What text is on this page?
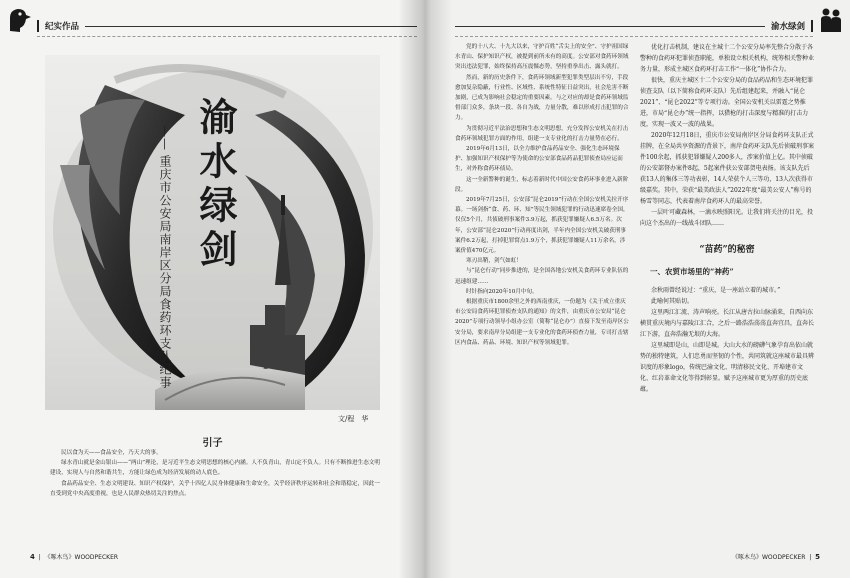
纪实作品
渝水绿剑
——
重庆市公安局南岸区分局食药环支队纪事
文/程　华
引子

民以食为天——食品安全，乃天大的事。

绿水青山就是金山银山——“两山”理论，是习近平生态文明思想的核心内涵。人不负青山，青山定不负人。只有不断推进生态文明建设，实现人与自然和谐共生，方能让绿色成为经济发展的动人底色。

食品药品安全、生态文明建设、知识产权保护，关乎十四亿人民身体健康和生命安全，关乎经济秩序运转和社会和谐稳定，因此一直受到党中央高度重视，也是人民群众热切关注的焦点。

4  |  《啄木鸟》WOODPECKER
渝水绿剑

党的十八大、十九大以来，守护百姓“舌尖上的安全”、守护祖国绿水青山、保护知识产权，被提到前所未有的高度。公安部对食药环领域突出违法犯罪，始终保持高压震慑态势，坚持重拳出击、露头就打。

然而，新的历史条件下，食药环领域新型犯罪类型层出不穷，手段愈加复杂隐蔽，行业性、区域性、系统性特征日益突出，社会危害不断加剧，已成为影响社会稳定的重要因素。与之对应的却是食药环领域监督部门众多，条块一段、各自为战，力量分散，难以形成打击犯罪的合力。

为贯彻习近平法治思想和生态文明思想，充分发挥公安机关在打击食药环领域犯罪方面的作用，组建一支专业化的打击力量势在必行。

2019年6月13日，以全力维护食品药品安全、强化生态环境保护、加强知识产权保护等为使命的公安部食品药品犯罪侦查局应运而生，对外称食药环侦局。

这一全新警种的诞生，标志着新时代中国公安食药环事业进入新阶段。

2019年7月25日，公安部“昆仑2019”行动在全国公安机关拉开序幕。一场剑指“食、药、环、知”等民生领域犯罪的行动迅速席卷全国，仅仅5个月，共侦破刑事案件3.9万起，抓获犯罪嫌疑人6.5万名。次年，公安部“昆仑2020”行动再度出剑，半年内全国公安机关破获刑事案件6.2万起，打掉犯罪窝点1.9万个，抓获犯罪嫌疑人11万余名，涉案价值470亿元。

寒刃出鞘，剑气如虹！

与“昆仑行动”同步推进的，是全国各地公安机关食药环专业队伍的迅速组建……

时针指向2020年10月中旬。

根据重庆市1800余里之外的西南重庆，一份题为《关于成立重庆市公安局食药环犯罪侦查支队的通知》的文件，由重庆市公安局“昆仑2020”专项行动领导小组办公室（简称“昆仑办”）直接下发至南岸区公安分局，要求南岸分局组建一支专业化的食药环侦查力量，专司打击辖区内食品、药品、环境、知识产权等领域犯罪。

优化打击机制，建议在主城十二个公安分局率先整合分散于各警种的食药环犯罪侦查职能，单独设立相关机构，统筹相关警种业务力量，形成主城区食药环打击工作“一体化”协作合力。

很快，重庆主城区十二个公安分局的食品药品和生态环境犯罪侦查支队（以下简称食药环支队）先后组建起来，并融入“昆仑2021”、“昆仑2022”等专项行动。全国公安机关以雷霆之势推进，市局“昆仑办”统一指挥，以猎枪的打击深度与精准的打击力度，实现一波又一波的战果。

2020年12月18日，重庆市公安局南岸区分局食药环支队正式挂牌，在全局共享资源的背景下，南岸食药环支队先后侦破刑事案件100余起，抓获犯罪嫌疑人200多人，涉案价值上亿。其中侦破的公安部督办案件8起，5起案件获公安部贺电表扬。该支队先后获13人的集体三等功表彰，14人荣获个人三等功，13人次获得市级嘉奖。其中，荣获“最美政法人”2022年度“最美公安人”称号的杨雪等同志，代表着南岸食药环人的最高荣誉。

一层叶可藏森林，一滴水映照阳光。让我们将关注的目光，投向这个杰出的一线战斗团队……

“苗药”的秘密
一、农贸市场里的“神药”

余秋雨曾经说过：“重庆，是一座站立着的城市。”

此喻何其贴切。

这里两江汇流、涛声响亮。长江从唐古拉山脉涌来，自西向东横贯重庆境内与嘉陵江汇合，之后一路浩浩荡荡直奔宜昌，直奔长江下游，直奔浩瀚无垠的大海。

这里城即是山，山即是城。大山大水的磅礴气象孕育出依山就势的独特建筑，人们忠勇而坚韧的个性，共同筑就这座城市最具辨识度的形象logo，传统巴渝文化、明清移民文化、开埠建市文化、红岩革命文化等得到彰显。赋予这座城市更为厚重的历史底蕴。

《啄木鸟》WOODPECKER  |  5
